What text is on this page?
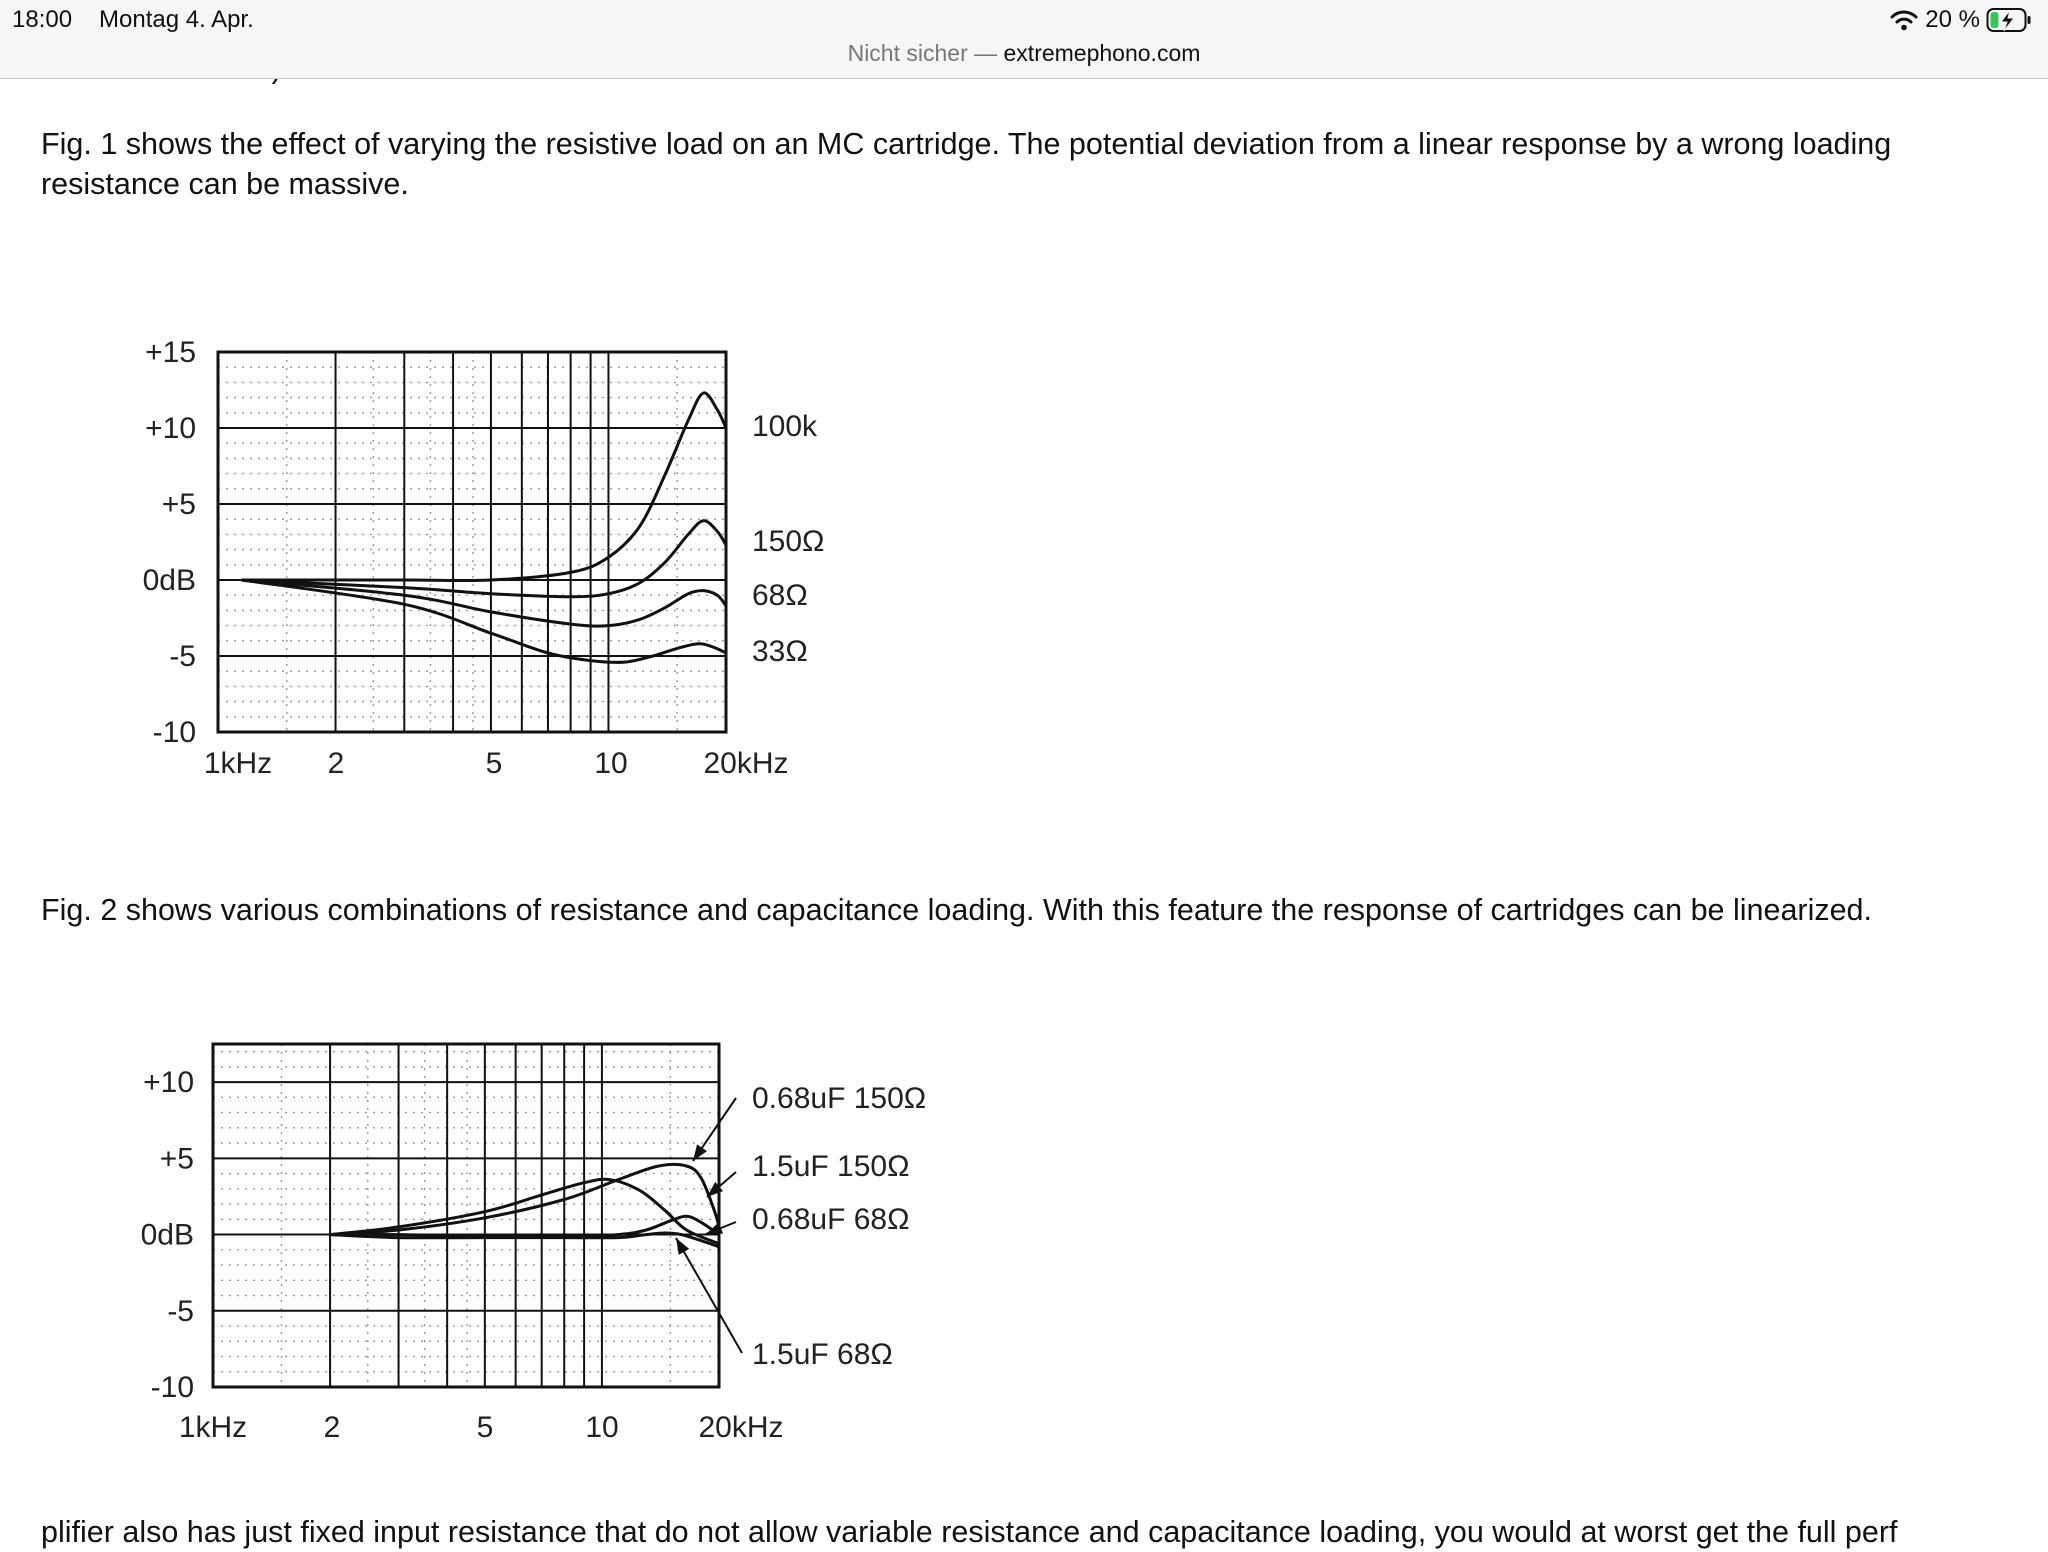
18:00 Montag 4. Apr.	20 %
Nicht sicher — extremephono.com

Fig. 1 shows the effect of varying the resistive load on an MC cartridge. The potential deviation from a linear response by a wrong loading resistance can be massive.

+15
+10
+5
0dB
-5
-10
1kHz 2	5	10	20kHz
100k
150Ω
68Ω
33Ω

Fig. 2 shows various combinations of resistance and capacitance loading. With this feature the response of cartridges can be linearized.

+10
+5
0dB
-5
-10
1kHz	2	5	10	20kHz
0.68uF 150Ω
1.5uF 150Ω
0.68uF 68Ω
1.5uF 68Ω

plifier also has just fixed input resistance that do not allow variable resistance and capacitance loading, you would at worst get the full perf
